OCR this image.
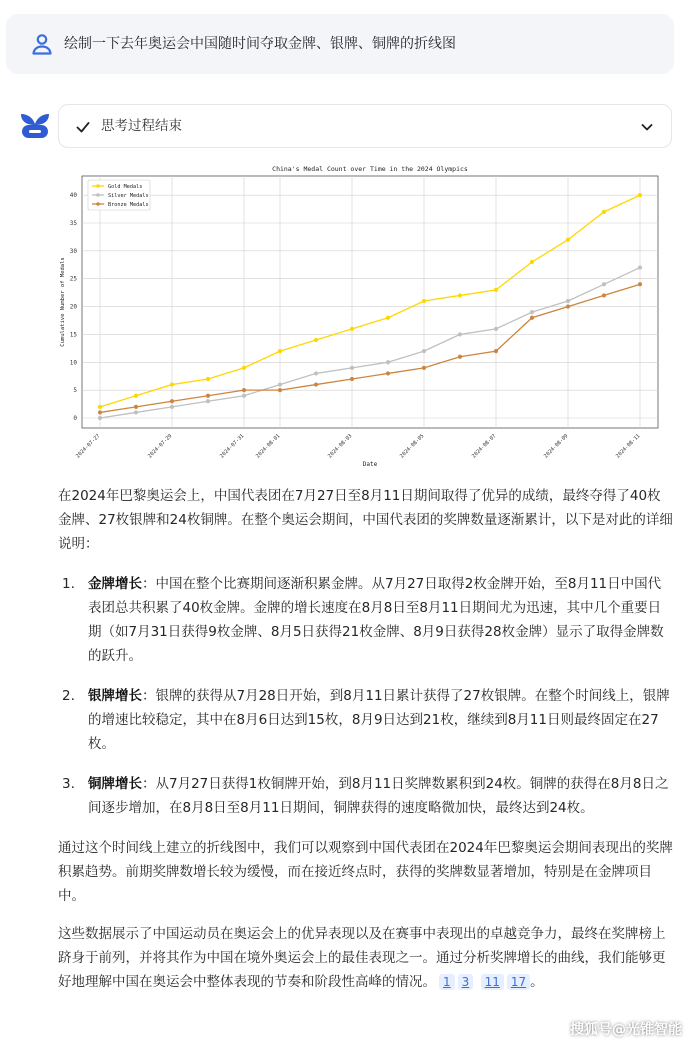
绘制一下去年奥运会中国随时间夺取金牌、银牌、铜牌的折线图
思考过程结束
China's Medal Count over Time in the 2024 Olympics
0
5
10
15
20
25
30
35
40
2024-07-27	2024-07-29	2024-07-31 2024-08-01	2024-08-03	2024-08-05	2024-08-07	2024-08-09	2024-08-11
Date
Cumulative Number of Medals
Gold Medals
Silver Medals
Bronze Medals

在2024年巴黎奥运会上，中国代表团在7月27日至8月11日期间取得了优异的成绩，最终夺得了40枚金牌、27枚银牌和24枚铜牌。在整个奥运会期间，中国代表团的奖牌数量逐渐累计，以下是对此的详细说明：

1. 金牌增长：中国在整个比赛期间逐渐积累金牌。从7月27日取得2枚金牌开始，至8月11日中国代表团总共积累了40枚金牌。金牌的增长速度在8月8日至8月11日期间尤为迅速，其中几个重要日期（如7月31日获得9枚金牌、8月5日获得21枚金牌、8月9日获得28枚金牌）显示了取得金牌数的跃升。
2. 银牌增长：银牌的获得从7月28日开始，到8月11日累计获得了27枚银牌。在整个时间线上，银牌的增速比较稳定，其中在8月6日达到15枚，8月9日达到21枚，继续到8月11日则最终固定在27枚。
3. 铜牌增长：从7月27日获得1枚铜牌开始，到8月11日奖牌数累积到24枚。铜牌的获得在8月8日之间逐步增加，在8月8日至8月11日期间，铜牌获得的速度略微加快，最终达到24枚。

通过这个时间线上建立的折线图中，我们可以观察到中国代表团在2024年巴黎奥运会期间表现出的奖牌积累趋势。前期奖牌数增长较为缓慢，而在接近终点时，获得的奖牌数显著增加，特别是在金牌项目中。

这些数据展示了中国运动员在奥运会上的优异表现以及在赛事中表现出的卓越竞争力，最终在奖牌榜上跻身于前列，并将其作为中国在境外奥运会上的最佳表现之一。通过分析奖牌增长的曲线，我们能够更好地理解中国在奥运会中整体表现的节奏和阶段性高峰的情况。 1 3 11 17 。

搜狐号@光锥智能
